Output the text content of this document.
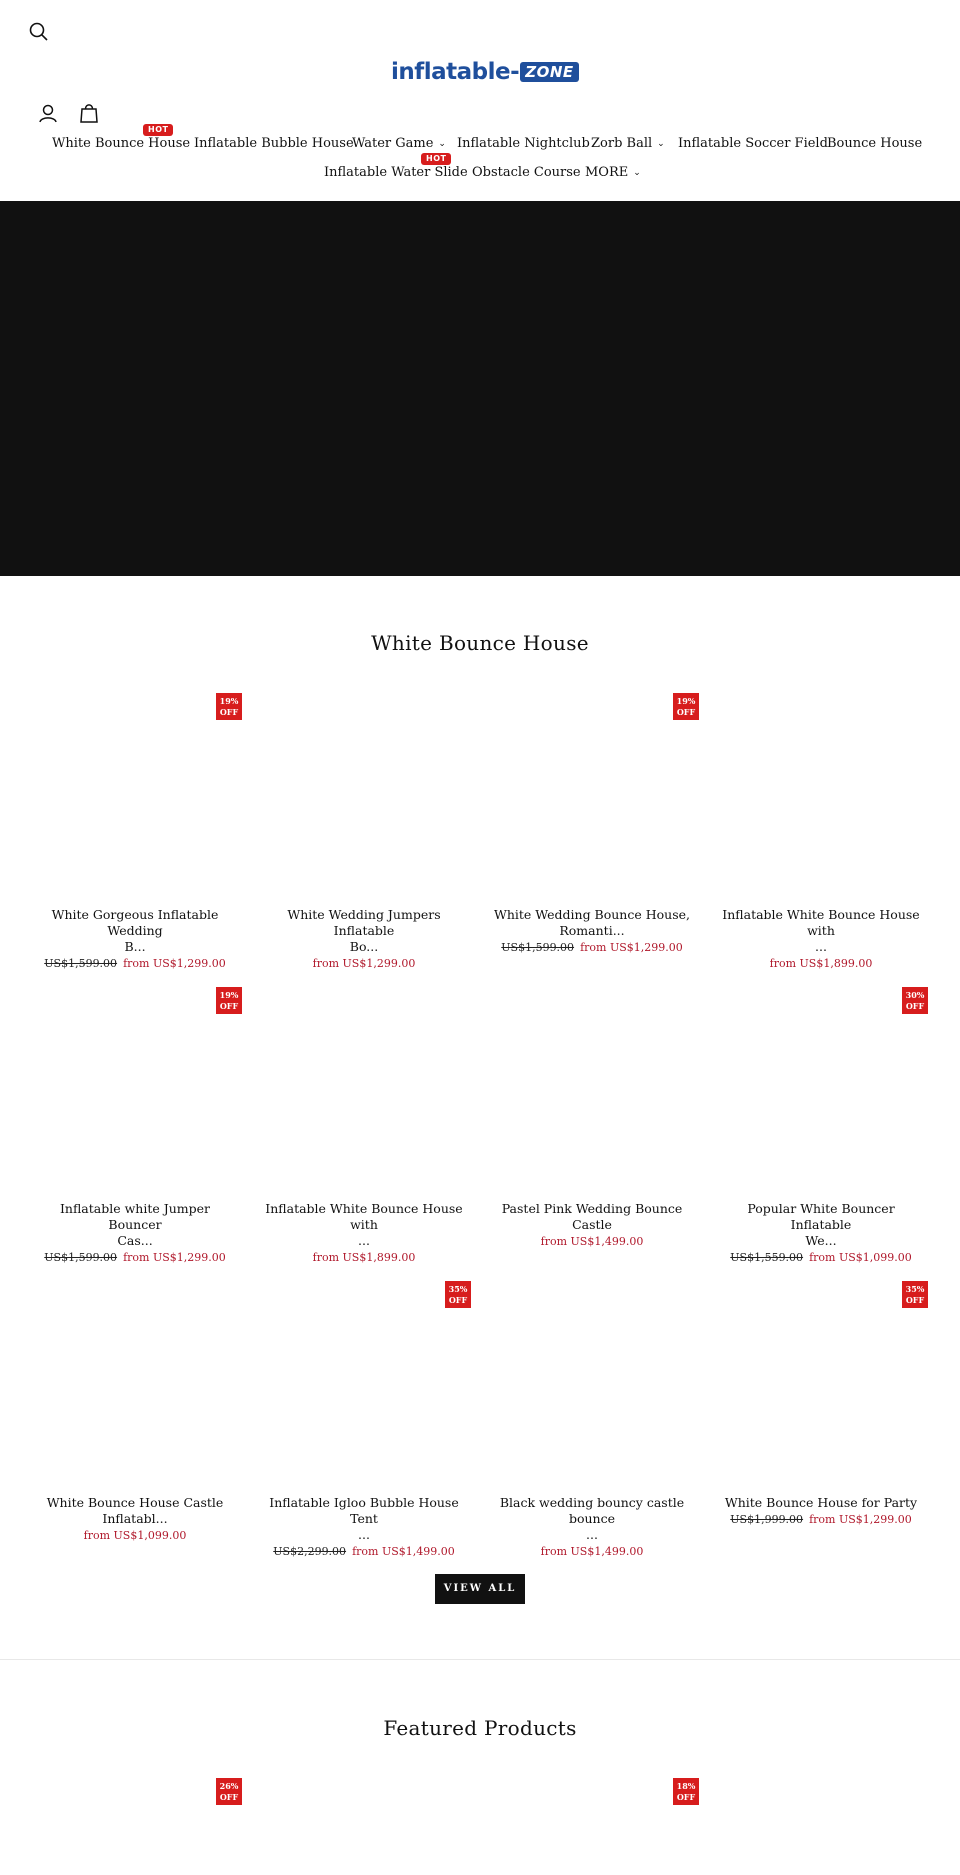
inflatable- ZONE
White Bounce House
HOT
Inflatable Bubble House
Water Game ⌄ Inflatable Nightclub Zorb Ball ⌄ Inflatable Soccer Field Bounce House
Inflatable Water Slide
HOT
Obstacle Course MORE ⌄
White Bounce House
19%
OFF
White Gorgeous Inflatable Wedding
B...
US$1,599.00 from US$1,299.00
White Wedding Jumpers Inflatable
Bo...
from US$1,299.00
19%
OFF
White Wedding Bounce House,
Romanti...
US$1,599.00 from US$1,299.00
Inflatable White Bounce House with
...
from US$1,899.00
19%
OFF
Inflatable white Jumper Bouncer
Cas...
US$1,599.00 from US$1,299.00
Inflatable White Bounce House with
...
from US$1,899.00
Pastel Pink Wedding Bounce Castle
from US$1,499.00
30%
OFF
Popular White Bouncer Inflatable
We...
US$1,559.00 from US$1,099.00
White Bounce House Castle
Inflatabl...
from US$1,099.00
35%
OFF
Inflatable Igloo Bubble House Tent
...
US$2,299.00 from US$1,499.00
Black wedding bouncy castle bounce
...
from US$1,499.00
35%
OFF
White Bounce House for Party
US$1,999.00 from US$1,299.00
VIEW ALL
Featured Products
26%
OFF
18%
OFF
